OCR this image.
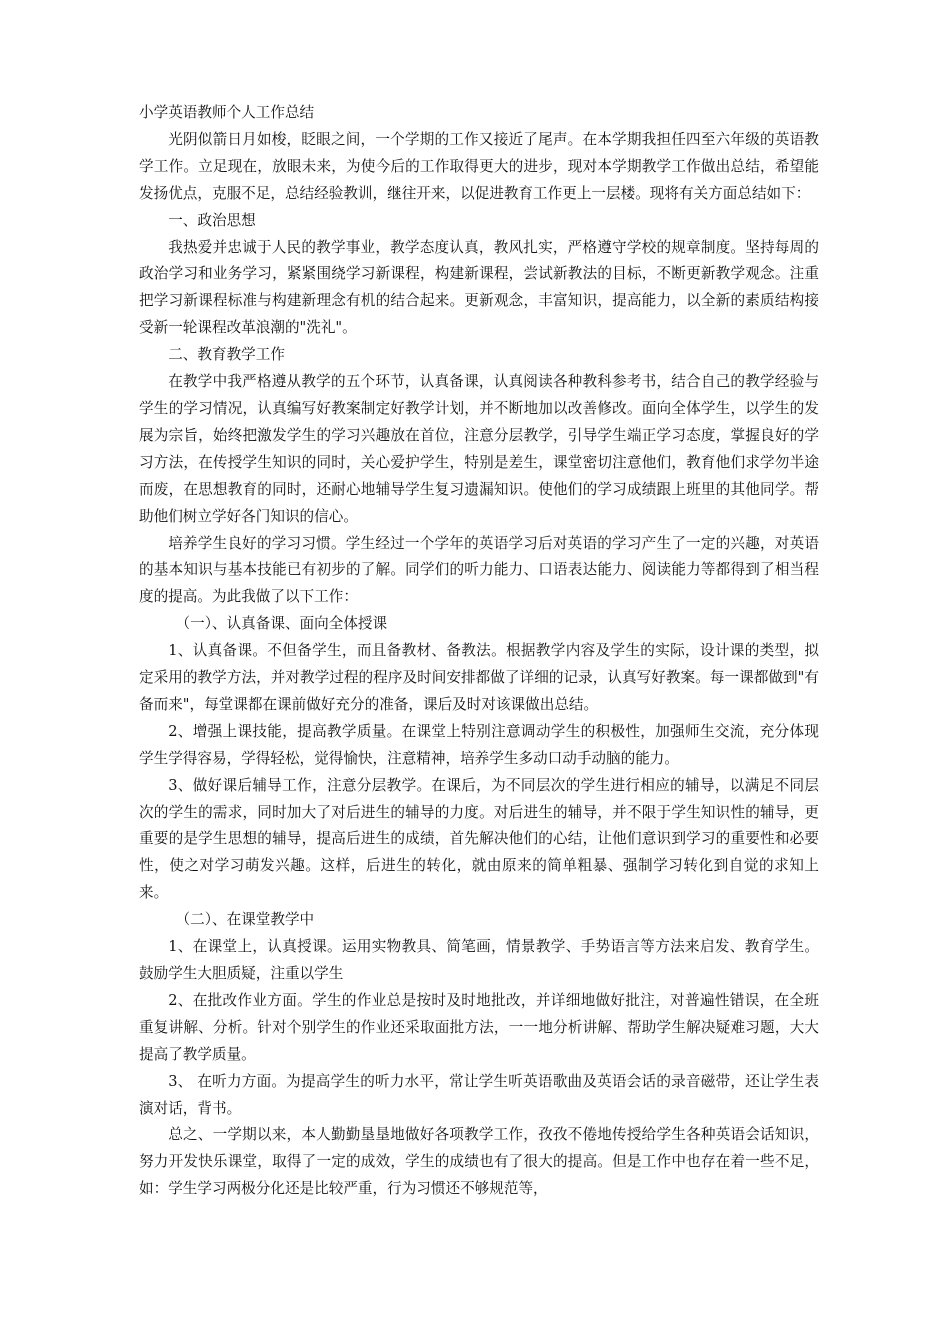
小学英语教师个人工作总结

光阴似箭日月如梭，眨眼之间，一个学期的工作又接近了尾声。在本学期我担任四至六年级的英语教学工作。立足现在，放眼未来，为使今后的工作取得更大的进步，现对本学期教学工作做出总结，希望能发扬优点，克服不足，总结经验教训，继往开来，以促进教育工作更上一层楼。现将有关方面总结如下：

一、政治思想

我热爱并忠诚于人民的教学事业，教学态度认真，教风扎实，严格遵守学校的规章制度。坚持每周的政治学习和业务学习，紧紧围绕学习新课程，构建新课程，尝试新教法的目标，不断更新教学观念。注重把学习新课程标准与构建新理念有机的结合起来。更新观念，丰富知识，提高能力，以全新的素质结构接受新一轮课程改革浪潮的"洗礼"。

二、教育教学工作

在教学中我严格遵从教学的五个环节，认真备课，认真阅读各种教科参考书，结合自己的教学经验与学生的学习情况，认真编写好教案制定好教学计划，并不断地加以改善修改。面向全体学生，以学生的发展为宗旨，始终把激发学生的学习兴趣放在首位，注意分层教学，引导学生端正学习态度，掌握良好的学习方法，在传授学生知识的同时，关心爱护学生，特别是差生，课堂密切注意他们，教育他们求学勿半途而废，在思想教育的同时，还耐心地辅导学生复习遗漏知识。使他们的学习成绩跟上班里的其他同学。帮助他们树立学好各门知识的信心。

培养学生良好的学习习惯。学生经过一个学年的英语学习后对英语的学习产生了一定的兴趣，对英语的基本知识与基本技能已有初步的了解。同学们的听力能力、口语表达能力、阅读能力等都得到了相当程度的提高。为此我做了以下工作：

（一）、认真备课、面向全体授课

1、认真备课。不但备学生，而且备教材、备教法。根据教学内容及学生的实际，设计课的类型，拟定采用的教学方法，并对教学过程的程序及时间安排都做了详细的记录，认真写好教案。每一课都做到"有备而来"，每堂课都在课前做好充分的准备，课后及时对该课做出总结。

2、增强上课技能，提高教学质量。在课堂上特别注意调动学生的积极性，加强师生交流，充分体现学生学得容易，学得轻松，觉得愉快，注意精神，培养学生多动口动手动脑的能力。

3、做好课后辅导工作，注意分层教学。在课后，为不同层次的学生进行相应的辅导，以满足不同层次的学生的需求，同时加大了对后进生的辅导的力度。对后进生的辅导，并不限于学生知识性的辅导，更重要的是学生思想的辅导，提高后进生的成绩，首先解决他们的心结，让他们意识到学习的重要性和必要性，使之对学习萌发兴趣。这样，后进生的转化，就由原来的简单粗暴、强制学习转化到自觉的求知上来。

（二）、在课堂教学中

1、在课堂上，认真授课。运用实物教具、简笔画，情景教学、手势语言等方法来启发、教育学生。鼓励学生大胆质疑，注重以学生

2、在批改作业方面。学生的作业总是按时及时地批改，并详细地做好批注，对普遍性错误，在全班重复讲解、分析。针对个别学生的作业还采取面批方法，一一地分析讲解、帮助学生解决疑难习题，大大提高了教学质量。

3、 在听力方面。为提高学生的听力水平，常让学生听英语歌曲及英语会话的录音磁带，还让学生表演对话，背书。

总之、一学期以来，本人勤勤垦垦地做好各项教学工作，孜孜不倦地传授给学生各种英语会话知识，努力开发快乐课堂，取得了一定的成效，学生的成绩也有了很大的提高。但是工作中也存在着一些不足，如：学生学习两极分化还是比较严重，行为习惯还不够规范等，
